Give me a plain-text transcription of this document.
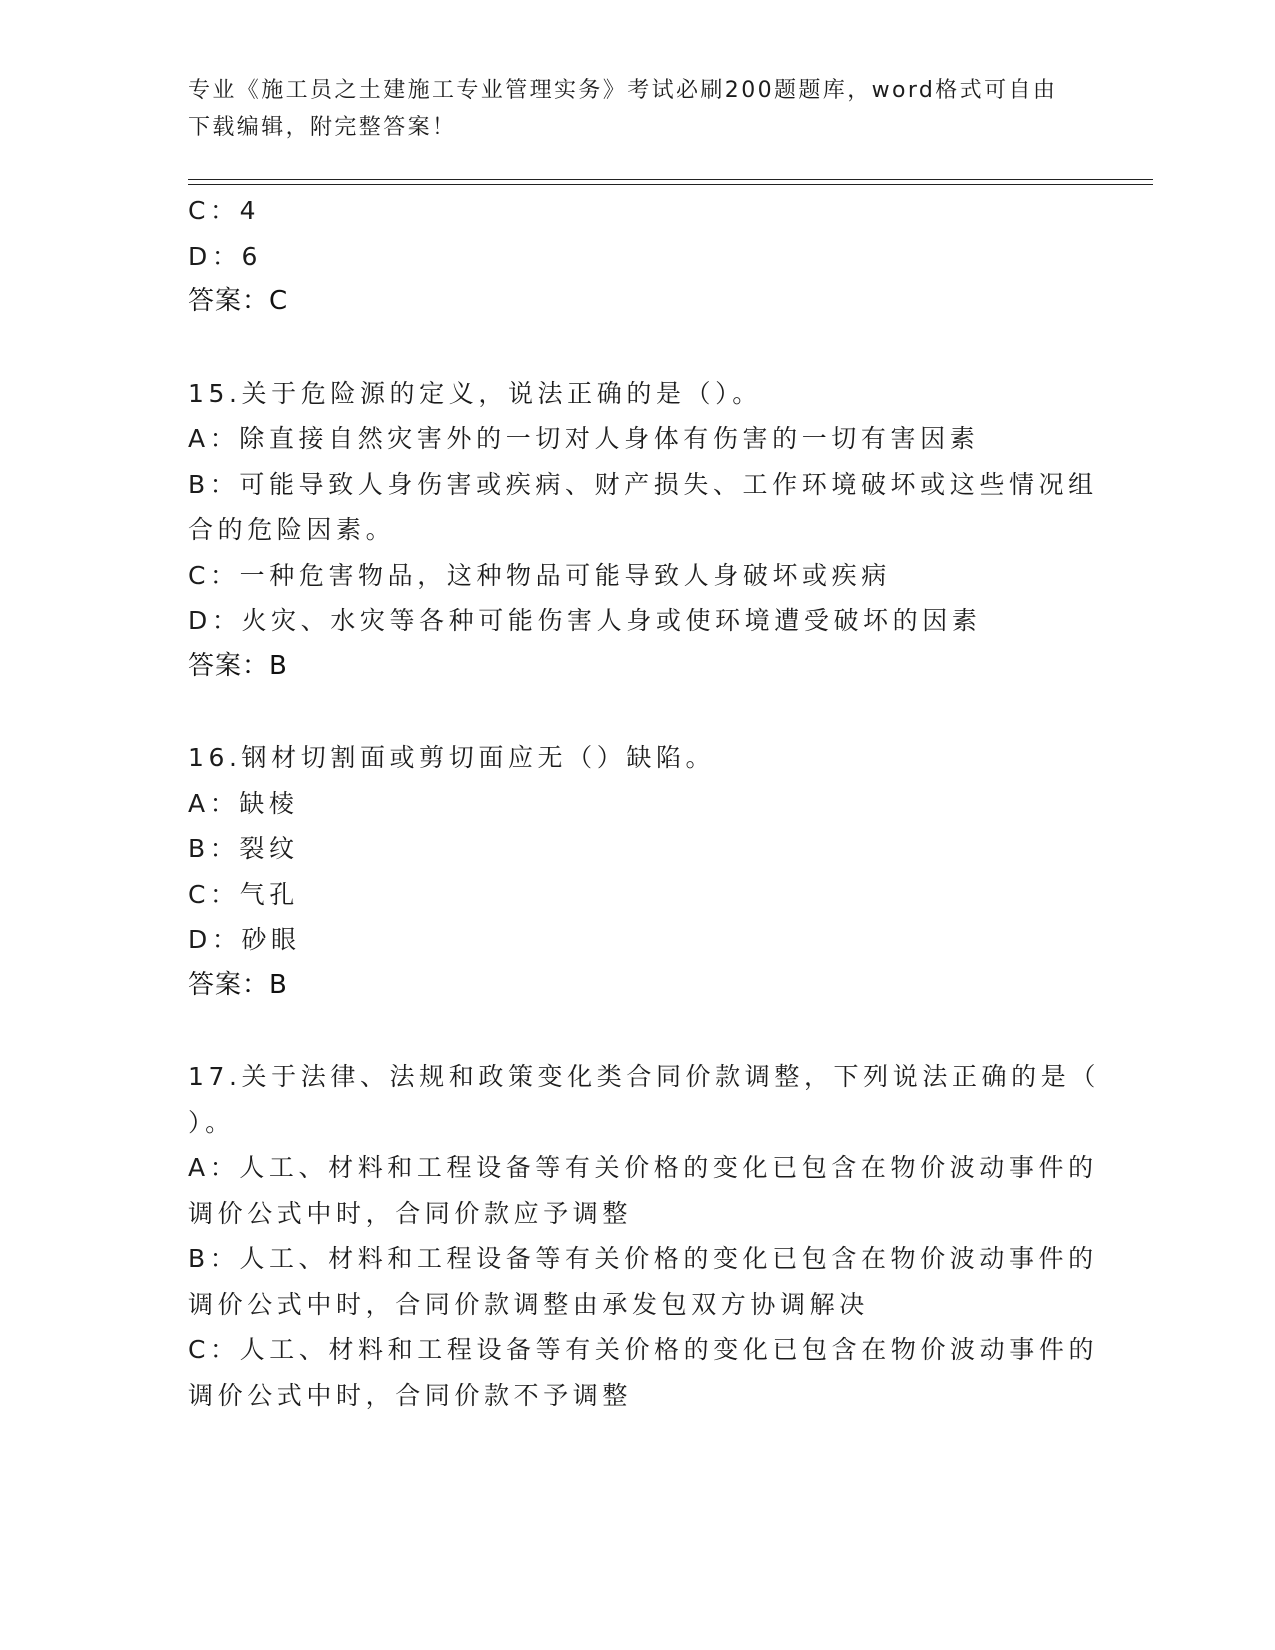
专业《施工员之土建施工专业管理实务》考试必刷200题题库，word格式可自由
下载编辑，附完整答案！
C：4
D：6
答案：C
15.关于危险源的定义，说法正确的是（）。
A：除直接自然灾害外的一切对人身体有伤害的一切有害因素
B：可能导致人身伤害或疾病、财产损失、工作环境破坏或这些情况组
合的危险因素。
C：一种危害物品，这种物品可能导致人身破坏或疾病
D：火灾、水灾等各种可能伤害人身或使环境遭受破坏的因素
答案：B
16.钢材切割面或剪切面应无（）缺陷。
A：缺棱
B：裂纹
C：气孔
D：砂眼
答案：B
17.关于法律、法规和政策变化类合同价款调整，下列说法正确的是（
）。
A：人工、材料和工程设备等有关价格的变化已包含在物价波动事件的
调价公式中时，合同价款应予调整
B：人工、材料和工程设备等有关价格的变化已包含在物价波动事件的
调价公式中时，合同价款调整由承发包双方协调解决
C：人工、材料和工程设备等有关价格的变化已包含在物价波动事件的
调价公式中时，合同价款不予调整
